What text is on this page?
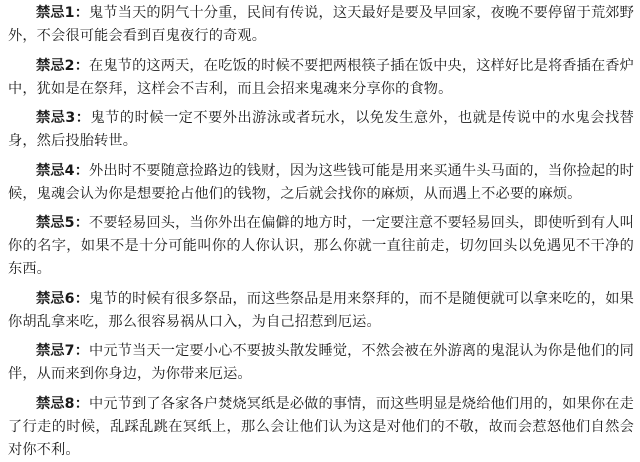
禁忌1：鬼节当天的阴气十分重，民间有传说，这天最好是要及早回家，夜晚不要停留于荒郊野外，不会很可能会看到百鬼夜行的奇观。

禁忌2：在鬼节的这两天，在吃饭的时候不要把两根筷子插在饭中央，这样好比是将香插在香炉中，犹如是在祭拜，这样会不吉利，而且会招来鬼魂来分享你的食物。

禁忌3：鬼节的时候一定不要外出游泳或者玩水，以免发生意外，也就是传说中的水鬼会找替身，然后投胎转世。

禁忌4：外出时不要随意捡路边的钱财，因为这些钱可能是用来买通牛头马面的，当你捡起的时候，鬼魂会认为你是想要抢占他们的钱物，之后就会找你的麻烦，从而遇上不必要的麻烦。

禁忌5：不要轻易回头，当你外出在偏僻的地方时，一定要注意不要轻易回头，即使听到有人叫你的名字，如果不是十分可能叫你的人你认识，那么你就一直往前走，切勿回头以免遇见不干净的东西。

禁忌6：鬼节的时候有很多祭品，而这些祭品是用来祭拜的，而不是随便就可以拿来吃的，如果你胡乱拿来吃，那么很容易祸从口入，为自己招惹到厄运。

禁忌7：中元节当天一定要小心不要披头散发睡觉，不然会被在外游离的鬼混认为你是他们的同伴，从而来到你身边，为你带来厄运。

禁忌8：中元节到了各家各户焚烧冥纸是必做的事情，而这些明显是烧给他们用的，如果你在走了行走的时候，乱踩乱跳在冥纸上，那么会让他们认为这是对他们的不敬，故而会惹怒他们自然会对你不利。
